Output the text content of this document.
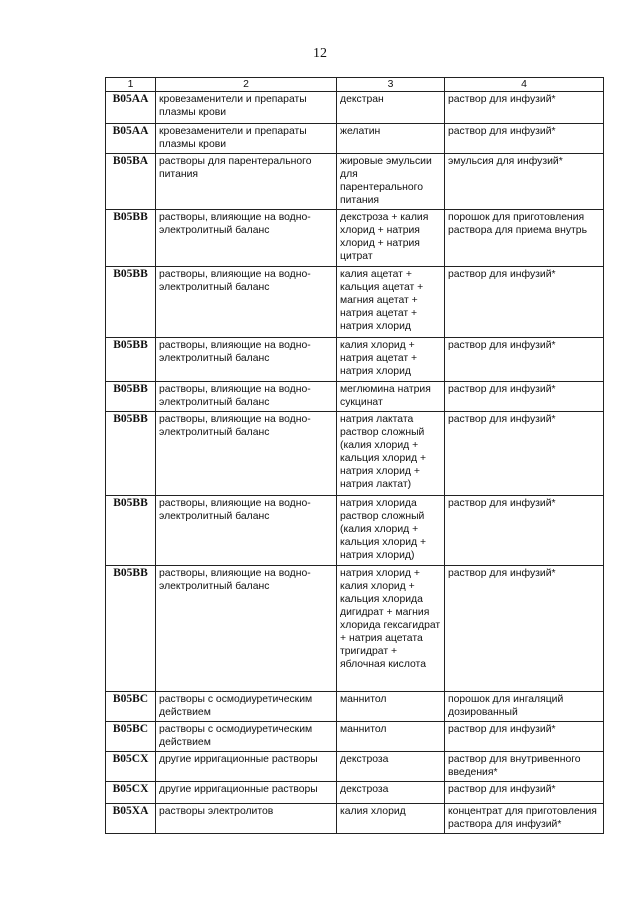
12
1	2	3	4
B05AA	кровезаменители и препараты плазмы крови	декстран	раствор для инфузий*
B05AA	кровезаменители и препараты плазмы крови	желатин	раствор для инфузий*
B05BA	растворы для парентерального питания	жировые эмульсии для парентерального питания	эмульсия для инфузий*
B05BB	растворы, влияющие на водно-электролитный баланс	декстроза + калия хлорид + натрия хлорид + натрия цитрат	порошок для приготовления раствора для приема внутрь
B05BB	растворы, влияющие на водно-электролитный баланс	калия ацетат + кальция ацетат + магния ацетат + натрия ацетат + натрия хлорид	раствор для инфузий*
B05BB	растворы, влияющие на водно-электролитный баланс	калия хлорид + натрия ацетат + натрия хлорид	раствор для инфузий*
B05BB	растворы, влияющие на водно-электролитный баланс	меглюмина натрия сукцинат	раствор для инфузий*
B05BB	растворы, влияющие на водно-электролитный баланс	натрия лактата раствор сложный (калия хлорид + кальция хлорид + натрия хлорид + натрия лактат)	раствор для инфузий*
B05BB	растворы, влияющие на водно-электролитный баланс	натрия хлорида раствор сложный (калия хлорид + кальция хлорид + натрия хлорид)	раствор для инфузий*
B05BB	растворы, влияющие на водно-электролитный баланс	натрия хлорид + калия хлорид + кальция хлорида дигидрат + магния хлорида гексагидрат + натрия ацетата тригидрат + яблочная кислота	раствор для инфузий*
B05BC	растворы с осмодиуретическим действием	маннитол	порошок для ингаляций дозированный
B05BC	растворы с осмодиуретическим действием	маннитол	раствор для инфузий*
B05CX	другие ирригационные растворы	декстроза	раствор для внутривенного введения*
B05CX	другие ирригационные растворы	декстроза	раствор для инфузий*
B05XA	растворы электролитов	калия хлорид	концентрат для приготовления раствора для инфузий*
